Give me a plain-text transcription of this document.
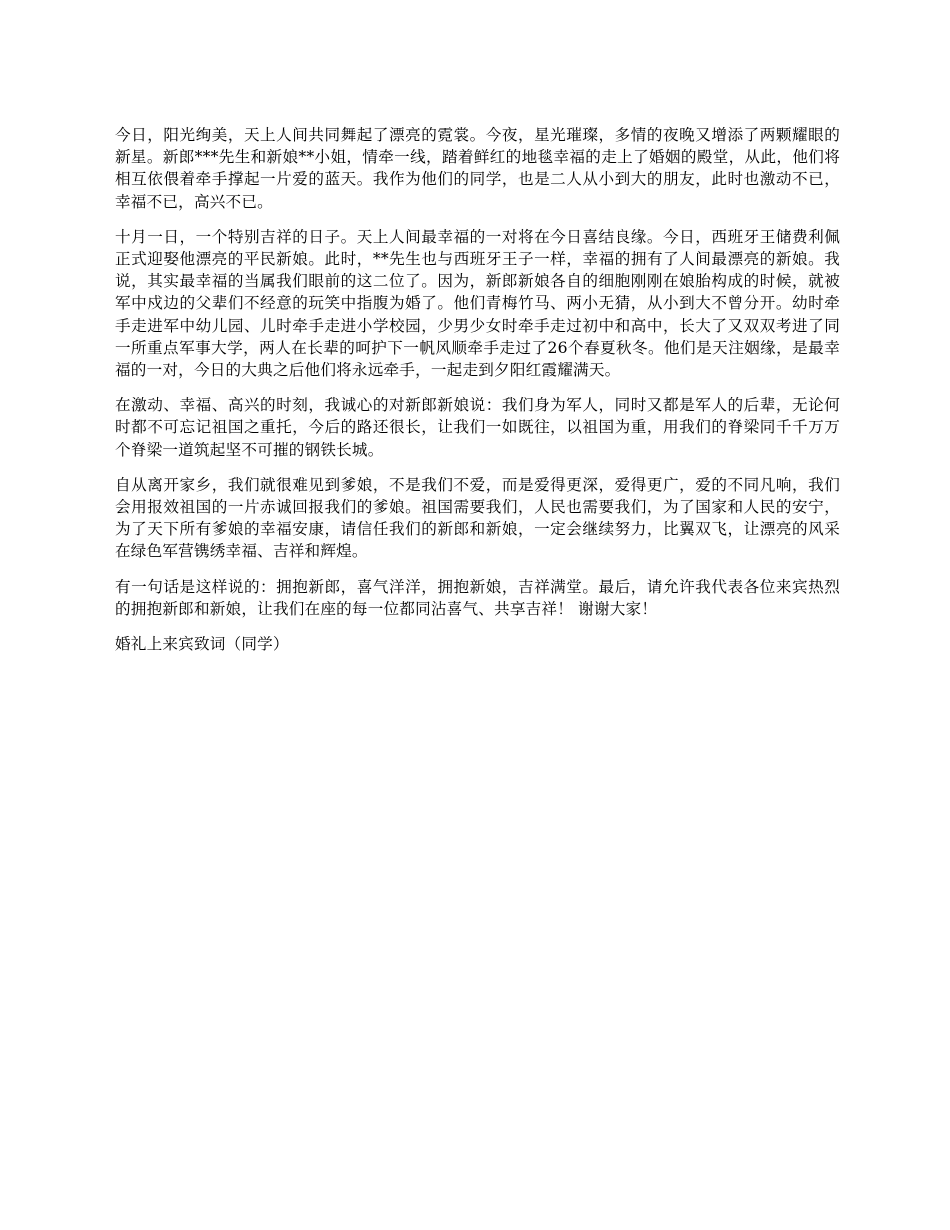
今日，阳光绚美，天上人间共同舞起了漂亮的霓裳。今夜，星光璀璨，多情的夜晚又增添了两颗耀眼的新星。新郎***先生和新娘**小姐，情牵一线，踏着鲜红的地毯幸福的走上了婚姻的殿堂，从此，他们将相互依偎着牵手撑起一片爱的蓝天。我作为他们的同学，也是二人从小到大的朋友，此时也激动不已，幸福不已，高兴不已。

十月一日，一个特别吉祥的日子。天上人间最幸福的一对将在今日喜结良缘。今日，西班牙王储费利佩正式迎娶他漂亮的平民新娘。此时，**先生也与西班牙王子一样，幸福的拥有了人间最漂亮的新娘。我说，其实最幸福的当属我们眼前的这二位了。因为，新郎新娘各自的细胞刚刚在娘胎构成的时候，就被军中戍边的父辈们不经意的玩笑中指腹为婚了。他们青梅竹马、两小无猜，从小到大不曾分开。幼时牵手走进军中幼儿园、儿时牵手走进小学校园，少男少女时牵手走过初中和高中，长大了又双双考进了同一所重点军事大学，两人在长辈的呵护下一帆风顺牵手走过了26个春夏秋冬。他们是天注姻缘，是最幸福的一对，今日的大典之后他们将永远牵手，一起走到夕阳红霞耀满天。

在激动、幸福、高兴的时刻，我诚心的对新郎新娘说：我们身为军人，同时又都是军人的后辈，无论何时都不可忘记祖国之重托，今后的路还很长，让我们一如既往，以祖国为重，用我们的脊梁同千千万万个脊梁一道筑起坚不可摧的钢铁长城。

自从离开家乡，我们就很难见到爹娘，不是我们不爱，而是爱得更深，爱得更广，爱的不同凡响，我们会用报效祖国的一片赤诚回报我们的爹娘。祖国需要我们，人民也需要我们，为了国家和人民的安宁，为了天下所有爹娘的幸福安康，请信任我们的新郎和新娘，一定会继续努力，比翼双飞，让漂亮的风采在绿色军营镌绣幸福、吉祥和辉煌。

有一句话是这样说的：拥抱新郎，喜气洋洋，拥抱新娘，吉祥满堂。最后，请允许我代表各位来宾热烈的拥抱新郎和新娘，让我们在座的每一位都同沾喜气、共享吉祥！ 谢谢大家！

婚礼上来宾致词（同学）
